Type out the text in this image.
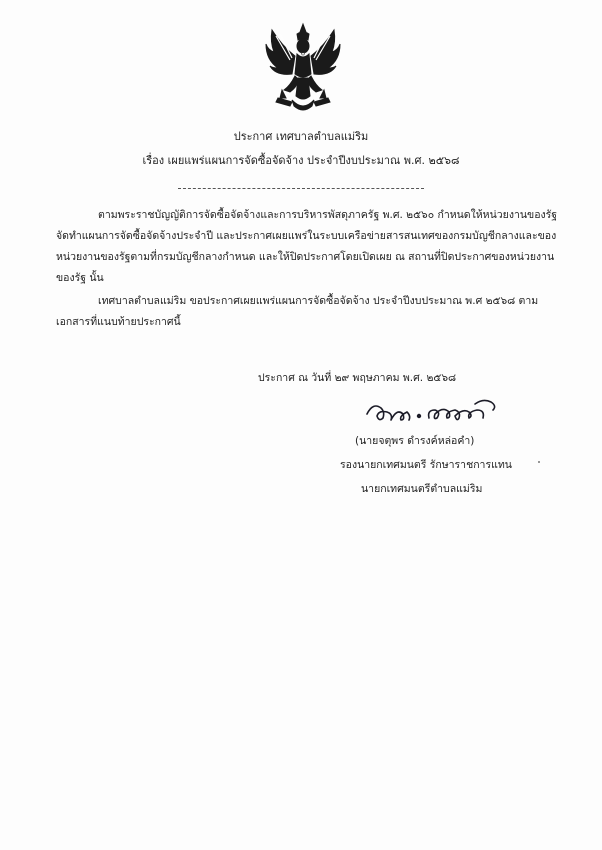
ประกาศ เทศบาลตำบลแม่ริม
เรื่อง เผยแพร่แผนการจัดซื้อจัดจ้าง ประจำปีงบประมาณ พ.ศ. ๒๕๖๘
ตามพระราชบัญญัติการจัดซื้อจัดจ้างและการบริหารพัสดุภาครัฐ พ.ศ. ๒๕๖๐ กำหนดให้หน่วยงานของรัฐ
จัดทำแผนการจัดซื้อจัดจ้างประจำปี และประกาศเผยแพร่ในระบบเครือข่ายสารสนเทศของกรมบัญชีกลางและของ
หน่วยงานของรัฐตามที่กรมบัญชีกลางกำหนด และให้ปิดประกาศโดยเปิดเผย ณ สถานที่ปิดประกาศของหน่วยงาน
ของรัฐ นั้น
เทศบาลตำบลแม่ริม ขอประกาศเผยแพร่แผนการจัดซื้อจัดจ้าง ประจำปีงบประมาณ พ.ศ ๒๕๖๘ ตาม
เอกสารที่แนบท้ายประกาศนี้
ประกาศ ณ วันที่ ๒๙ พฤษภาคม พ.ศ. ๒๕๖๘
(นายจตุพร ดำรงค์หล่อคำ)
รองนายกเทศมนตรี รักษาราชการแทน
นายกเทศมนตรีตำบลแม่ริม
